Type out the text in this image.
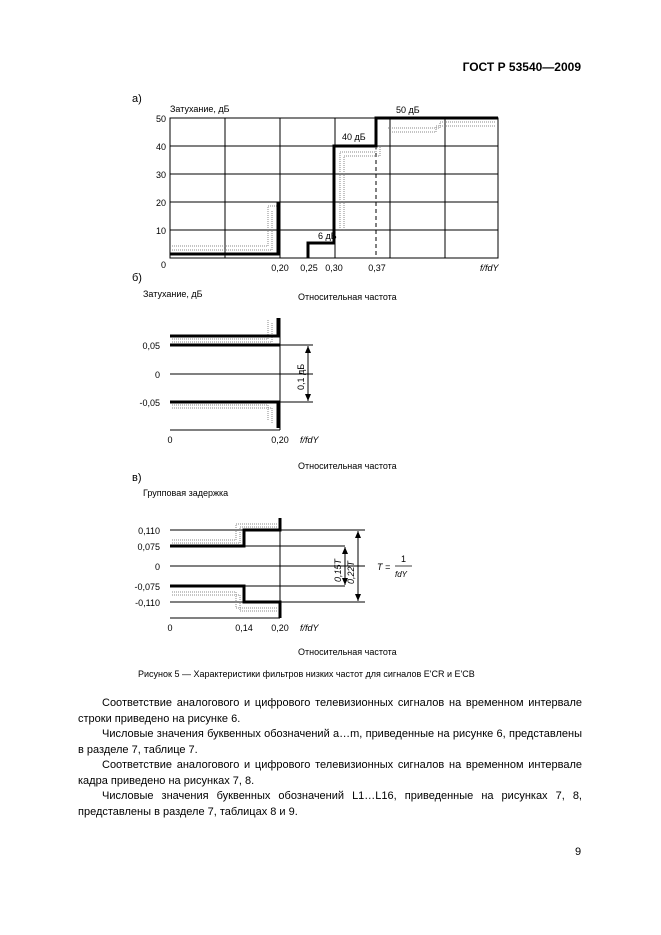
ГОСТ Р 53540—2009
а)
Затухание, дБ
6 дБ
40 дБ
50 дБ
50
40
30
20
10
0	0,20 0,25 0,30	0,37	f/fdY
0,1 дБ
0,05
0
-0,05
0	0,20 f/fdY
0,15T 0,22T T =
1
fdY
0,110
0,075
0
-0,075
-0,110
0	0,14 0,20 f/fdY
б)
Затухание, дБ	Относительная частота
Относительная частота
в)
Групповая задержка
Относительная частота
Рисунок 5 — Характеристики фильтров низких частот для сигналов E'CR и E'CB

Соответствие аналогового и цифрового телевизионных сигналов на временном интервале строки приведено на рисунке 6.

Числовые значения буквенных обозначений a…m, приведенные на рисунке 6, представлены в разделе 7, таблице 7.

Соответствие аналогового и цифрового телевизионных сигналов на временном интервале кадра приведено на рисунках 7, 8.

Числовые значения буквенных обозначений L1…L16, приведенные на рисунках 7, 8, представлены в разделе 7, таблицах 8 и 9.

9
